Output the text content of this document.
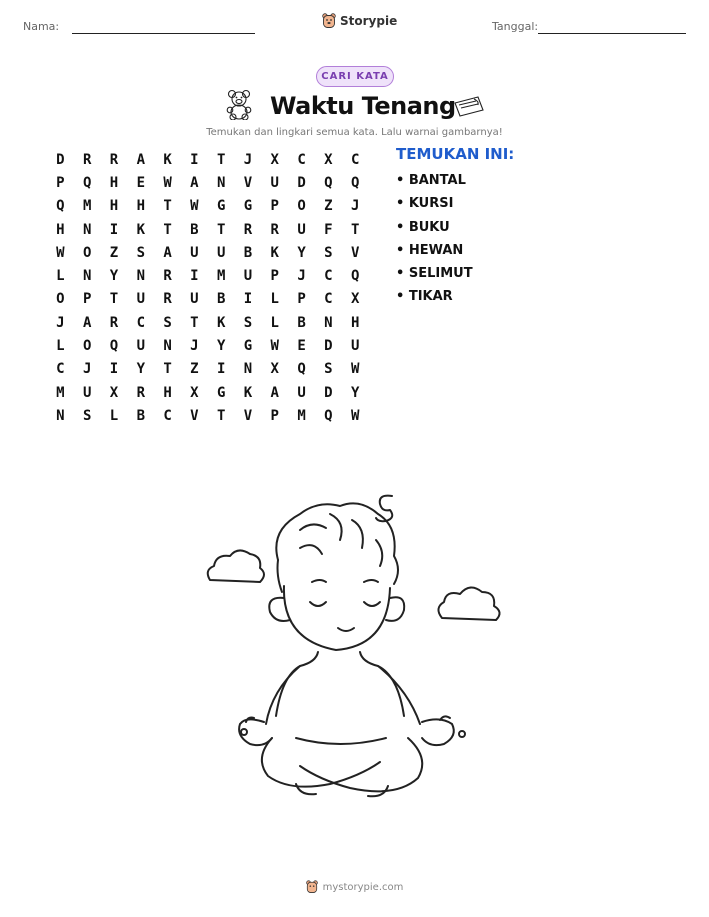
Nama:	Storypie	Tanggal:
CARI KATA
Waktu Tenang
Temukan dan lingkari semua kata. Lalu warnai gambarnya!
D	R	R	A	K	I	T	J	X	C	X	C
P	Q	H	E	W	A	N	V	U	D	Q	Q
Q	M	H	H	T	W	G	G	P	O	Z	J
H	N	I	K	T	B	T	R	R	U	F	T
W	O	Z	S	A	U	U	B	K	Y	S	V
L	N	Y	N	R	I	M	U	P	J	C	Q
O	P	T	U	R	U	B	I	L	P	C	X
J	A	R	C	S	T	K	S	L	B	N	H
L	O	Q	U	N	J	Y	G	W	E	D	U
C	J	I	Y	T	Z	I	N	X	Q	S	W
M	U	X	R	H	X	G	K	A	U	D	Y
N	S	L	B	C	V	T	V	P	M	Q	W
TEMUKAN INI:
• BANTAL
• KURSI
• BUKU
• HEWAN
• SELIMUT
• TIKAR
mystorypie.com
